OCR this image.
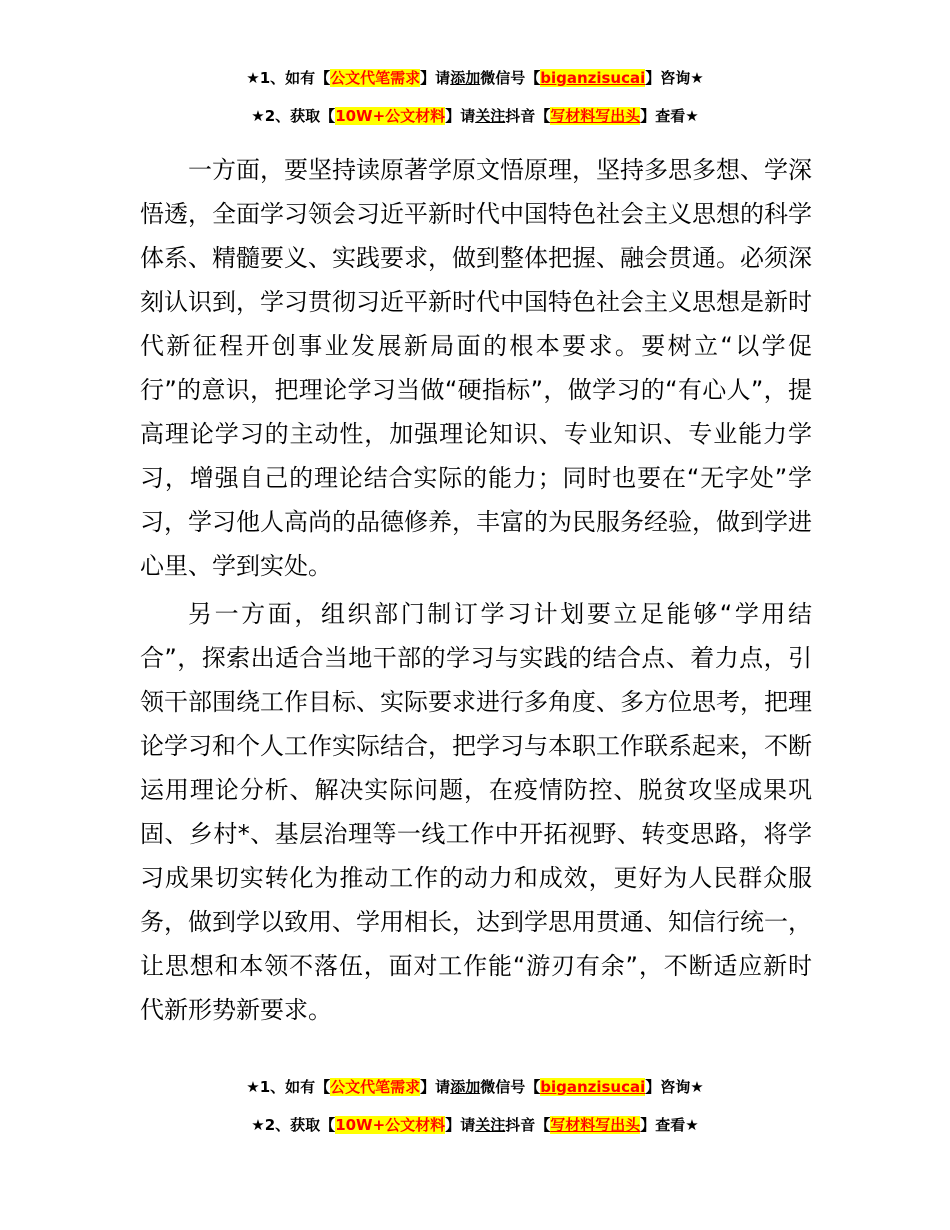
★1、如有【公文代笔需求】请添加微信号【biganzisucai】咨询★
★2、获取【10W+公文材料】请关注抖音【写材料写出头】查看★

一方面，要坚持读原著学原文悟原理，坚持多思多想、学深悟透，全面学习领会习近平新时代中国特色社会主义思想的科学体系、精髓要义、实践要求，做到整体把握、融会贯通。必须深刻认识到，学习贯彻习近平新时代中国特色社会主义思想是新时代新征程开创事业发展新局面的根本要求。要树立“以学促行”的意识，把理论学习当做“硬指标”，做学习的“有心人”，提高理论学习的主动性，加强理论知识、专业知识、专业能力学习，增强自己的理论结合实际的能力；同时也要在“无字处”学习，学习他人高尚的品德修养，丰富的为民服务经验，做到学进心里、学到实处。

另一方面，组织部门制订学习计划要立足能够“学用结合”，探索出适合当地干部的学习与实践的结合点、着力点，引领干部围绕工作目标、实际要求进行多角度、多方位思考，把理论学习和个人工作实际结合，把学习与本职工作联系起来，不断运用理论分析、解决实际问题，在疫情防控、脱贫攻坚成果巩固、乡村*、基层治理等一线工作中开拓视野、转变思路，将学习成果切实转化为推动工作的动力和成效，更好为人民群众服务，做到学以致用、学用相长，达到学思用贯通、知信行统一，让思想和本领不落伍，面对工作能“游刃有余”，不断适应新时代新形势新要求。

★1、如有【公文代笔需求】请添加微信号【biganzisucai】咨询★
★2、获取【10W+公文材料】请关注抖音【写材料写出头】查看★
